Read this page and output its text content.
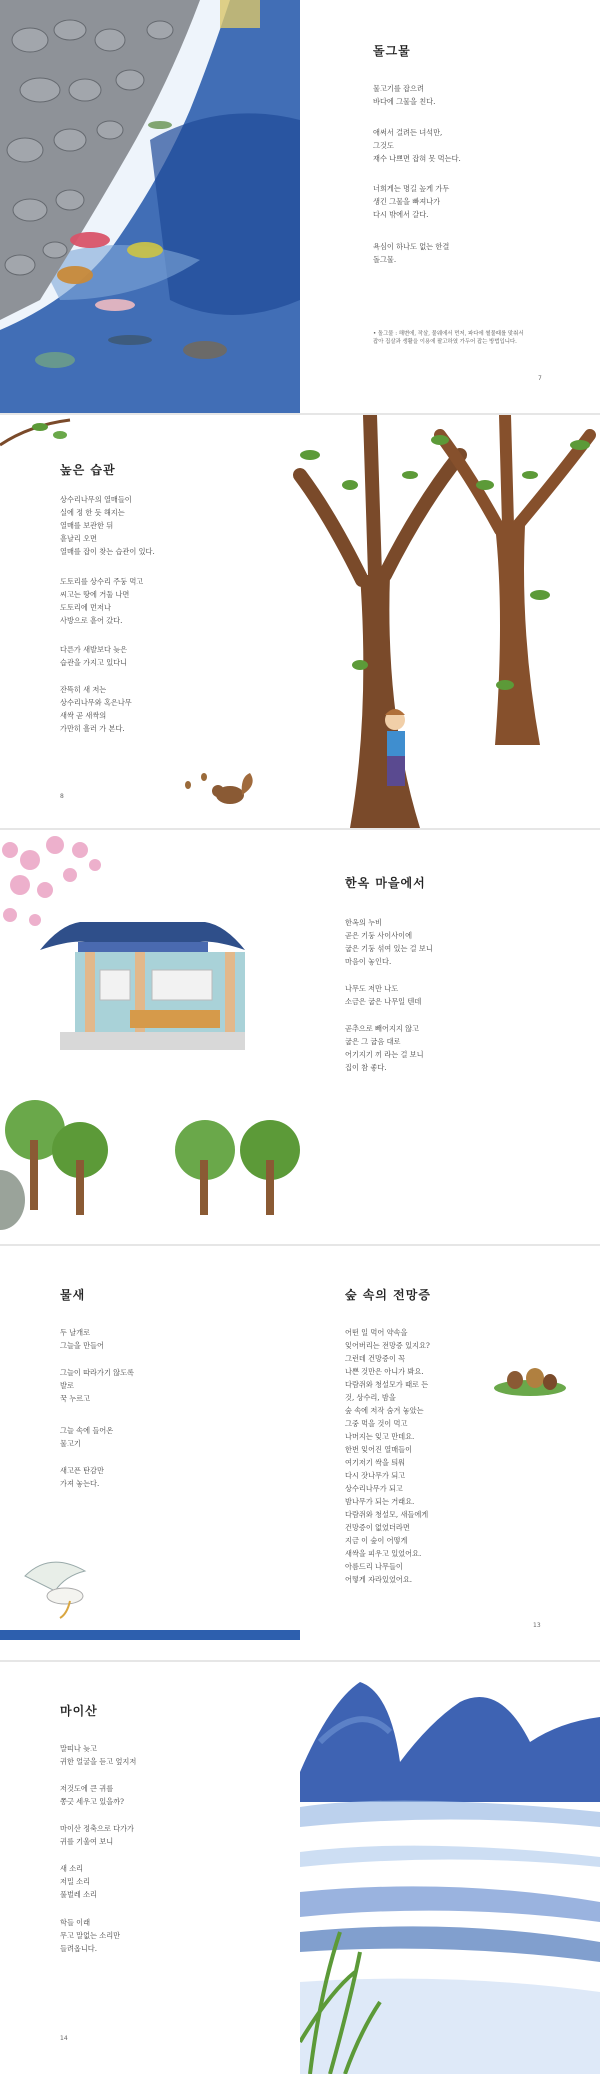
돌그물
물고기를 잡으려
바다에 그물을 친다.
애써서 걸려든 녀석만,
그것도
재수 나쁘면 잡혀 못 먹는다.
너희게는 명길 높게 가두
생긴 그물을 빠져나가
다시 밖에서 갈다.
욕심이 하나도 없는 한결
돌그물.
• 돌그물 : 해변에, 작살, 물웨에서 먼저, 파다에 썰물때를 맞춰서
잡아 집살과 생활을 이용에 팔고하였 가두어 잡는 방법입니다.
7
높은 습관
상수리나무의 열매들이
실에 정 한 듯 해지는
열매를 보관한 뒤
흩날리 오면
열매를 잡이 찾는 습관이 있다.
도토리를 상수리 주둥 먹고
씨고는 땅에 거둘 나면
도토리에 먼저나
사방으로 흩어 갔다.
다른가 새발보다 늦은
습관을 가지고 있다니
잔뜩히 새 저는
상수리나무와 혹은나무
새싹 곧 새싹의
가만히 흘러 가 본다.
8
한옥 마을에서
한옥의 누비
곧은 기둥 사이사이에
굽은 기둥 섞여 있는 걸 보니
마음이 놓인다.
나무도 저만 나도
소금은 굽은 나무일 텐데
곧추으로 빼어지지 않고
굽은 그 굽음 대로
어기지기 끼 라는 걸 보니
집이 참 좋다.
물새
두 날개로
그늘을 만들어
그늘이 따라가기 않도록
발로
꾹 누르고
그늘 속에 들어온
물고기
새고픈 탄감만
가져 놓는다.
숲 속의 전망증
어떤 일 먹어 약속을
잊어버리는 전망증 있지요?
그런데 건망증이 꼭
나쁜 것만은 아니가 봐요.
다람쥐와 청설모가 때로 든
것, 상수리, 밤을
숲 속에 저작 숨겨 놓았는
그중 먹을 것이 먹고
나머지는 잊고 만데요.
한번 잊어진 열매들이
여기저기 싹을 틔워
다시 잣나무가 되고
상수리나무가 되고
밤나무가 되는 거래요.
다람쥐와 청설모, 새들에게
건망증이 없었더라면
지금 이 숲이 어떻게
새싹을 피우고 있었어요.
아름드리 나무들이
어떻게 자라있었어요.
13
마이산
말띠나 늦고
귀한 얼굴을 듣고 엎지저
저것도에 큰 귀를
쫑긋 세우고 있을까?
마이산 정축으로 다가가
귀를 기울여 보니
새 소리
저밀 소리
풀벌레 소리
학들 이래
무고 말없는 소리만
들려옵니다.
14
